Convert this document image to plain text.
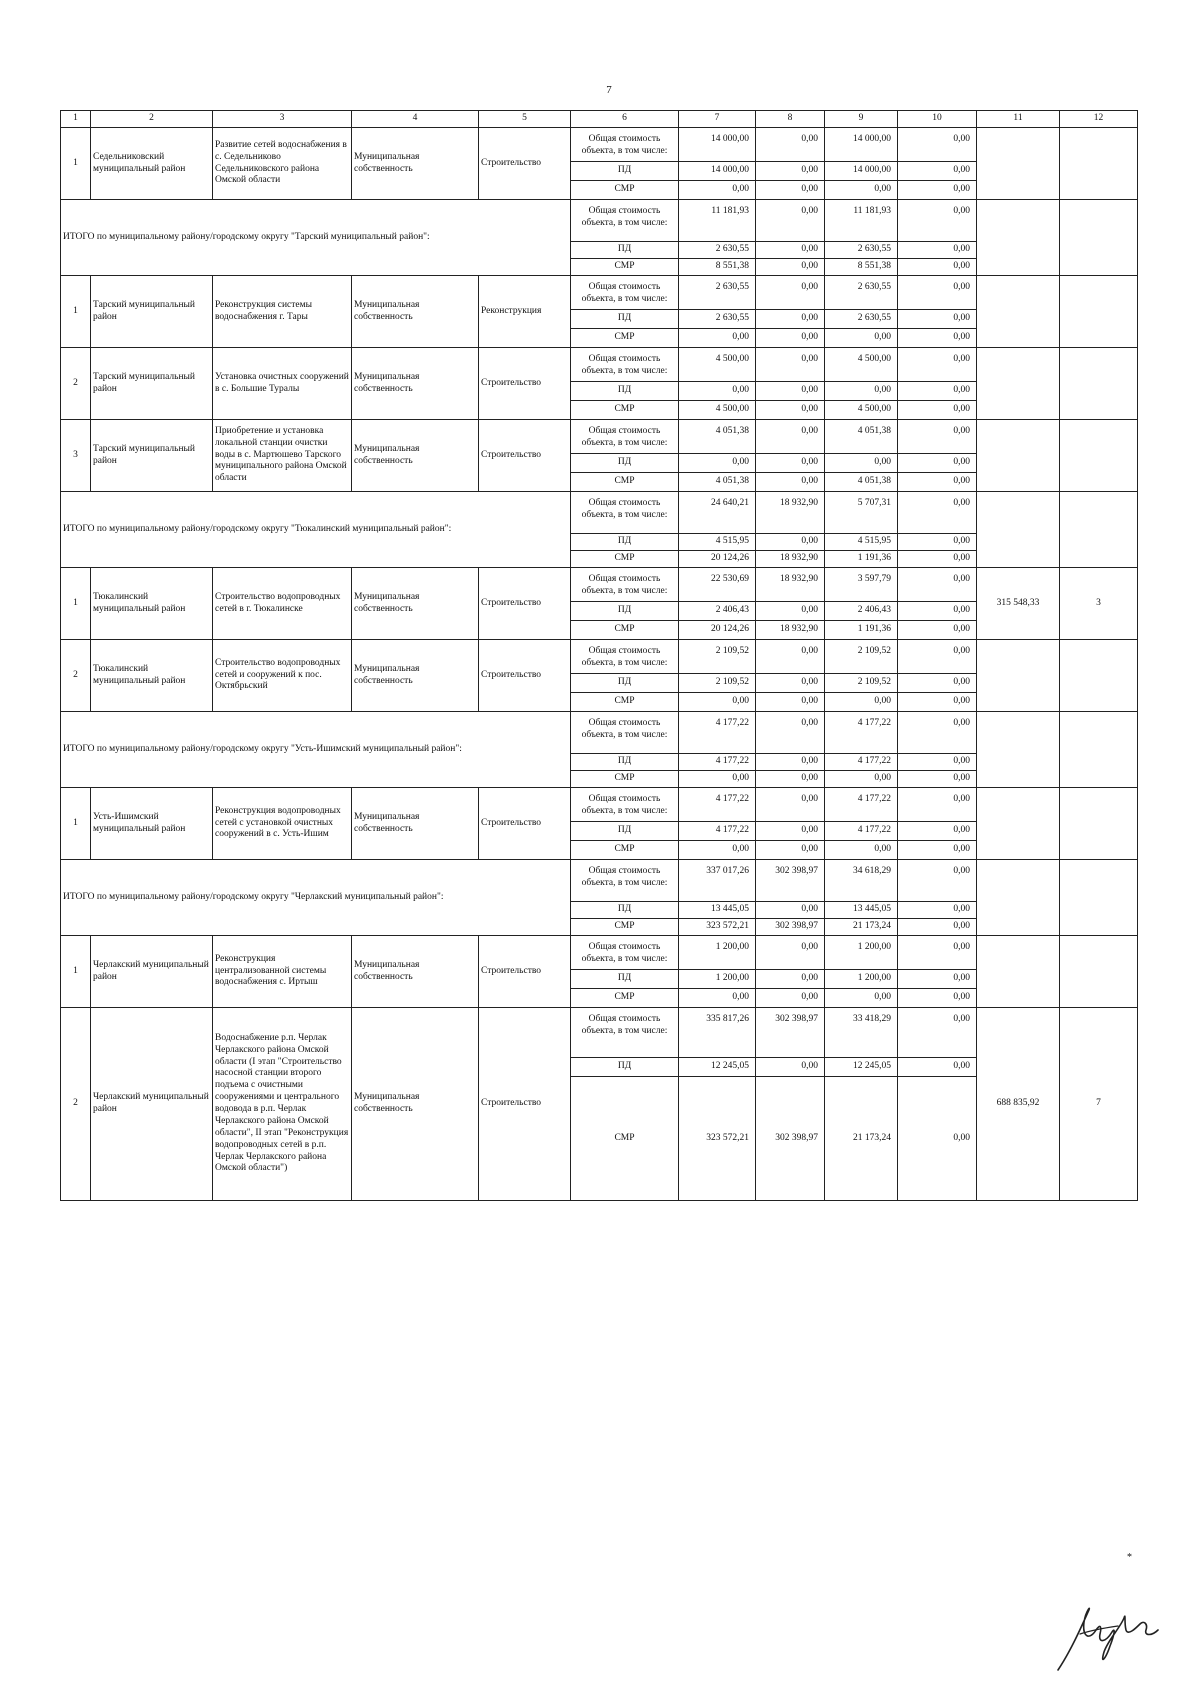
7
1	2	3	4	5	6	7	8	9	10	11	12
1	Седельниковский муниципальный район	Развитие сетей водоснабжения в с. Седельниково Седельниковского района Омской области	Муниципальная собственность	Строительство	Общая стоимость объекта, в том числе:	14 000,00	0,00	14 000,00	0,00		
					ПД	14 000,00	0,00	14 000,00	0,00		
					СМР	0,00	0,00	0,00	0,00		
ИТОГО по муниципальному району/городскому округу "Тарский муниципальный район":					Общая стоимость объекта, в том числе:	11 181,93	0,00	11 181,93	0,00		
					ПД	2 630,55	0,00	2 630,55	0,00		
					СМР	8 551,38	0,00	8 551,38	0,00		
1	Тарский муниципальный район	Реконструкция системы водоснабжения г. Тары	Муниципальная собственность	Реконструкция	Общая стоимость объекта, в том числе:	2 630,55	0,00	2 630,55	0,00		
					ПД	2 630,55	0,00	2 630,55	0,00		
					СМР	0,00	0,00	0,00	0,00		
2	Тарский муниципальный район	Установка очистных сооружений в с. Большие Туралы	Муниципальная собственность	Строительство	Общая стоимость объекта, в том числе:	4 500,00	0,00	4 500,00	0,00		
					ПД	0,00	0,00	0,00	0,00		
					СМР	4 500,00	0,00	4 500,00	0,00		
3	Тарский муниципальный район	Приобретение и установка локальной станции очистки воды в с. Мартюшево Тарского муниципального района Омской области	Муниципальная собственность	Строительство	Общая стоимость объекта, в том числе:	4 051,38	0,00	4 051,38	0,00		
					ПД	0,00	0,00	0,00	0,00		
					СМР	4 051,38	0,00	4 051,38	0,00		
ИТОГО по муниципальному району/городскому округу "Тюкалинский муниципальный район":					Общая стоимость объекта, в том числе:	24 640,21	18 932,90	5 707,31	0,00		
					ПД	4 515,95	0,00	4 515,95	0,00		
					СМР	20 124,26	18 932,90	1 191,36	0,00		
1	Тюкалинский муниципальный район	Строительство водопроводных сетей в г. Тюкалинске	Муниципальная собственность	Строительство	Общая стоимость объекта, в том числе:	22 530,69	18 932,90	3 597,79	0,00	315 548,33	3
					ПД	2 406,43	0,00	2 406,43	0,00		
					СМР	20 124,26	18 932,90	1 191,36	0,00		
2	Тюкалинский муниципальный район	Строительство водопроводных сетей и сооружений к пос. Октябрьский	Муниципальная собственность	Строительство	Общая стоимость объекта, в том числе:	2 109,52	0,00	2 109,52	0,00		
					ПД	2 109,52	0,00	2 109,52	0,00		
					СМР	0,00	0,00	0,00	0,00		
ИТОГО по муниципальному району/городскому округу "Усть-Ишимский муниципальный район":					Общая стоимость объекта, в том числе:	4 177,22	0,00	4 177,22	0,00		
					ПД	4 177,22	0,00	4 177,22	0,00		
					СМР	0,00	0,00	0,00	0,00		
1	Усть-Ишимский муниципальный район	Реконструкция водопроводных сетей с установкой очистных сооружений в с. Усть-Ишим	Муниципальная собственность	Строительство	Общая стоимость объекта, в том числе:	4 177,22	0,00	4 177,22	0,00		
					ПД	4 177,22	0,00	4 177,22	0,00		
					СМР	0,00	0,00	0,00	0,00		
ИТОГО по муниципальному району/городскому округу "Черлакский муниципальный район":					Общая стоимость объекта, в том числе:	337 017,26	302 398,97	34 618,29	0,00		
					ПД	13 445,05	0,00	13 445,05	0,00		
					СМР	323 572,21	302 398,97	21 173,24	0,00		
1	Черлакский муниципальный район	Реконструкция централизованной системы водоснабжения с. Иртыш	Муниципальная собственность	Строительство	Общая стоимость объекта, в том числе:	1 200,00	0,00	1 200,00	0,00		
					ПД	1 200,00	0,00	1 200,00	0,00		
					СМР	0,00	0,00	0,00	0,00		
2	Черлакский муниципальный район	Водоснабжение р.п. Черлак Черлакского района Омской области (I этап "Строительство насосной станции второго подъема с очистными сооружениями и центрального водовода в р.п. Черлак Черлакского района Омской области", II этап "Реконструкция водопроводных сетей в р.п. Черлак Черлакского района Омской области")	Муниципальная собственность	Строительство	Общая стоимость объекта, в том числе:	335 817,26	302 398,97	33 418,29	0,00	688 835,92	7
					ПД	12 245,05	0,00	12 245,05	0,00		
					СМР	323 572,21	302 398,97	21 173,24	0,00		
*
